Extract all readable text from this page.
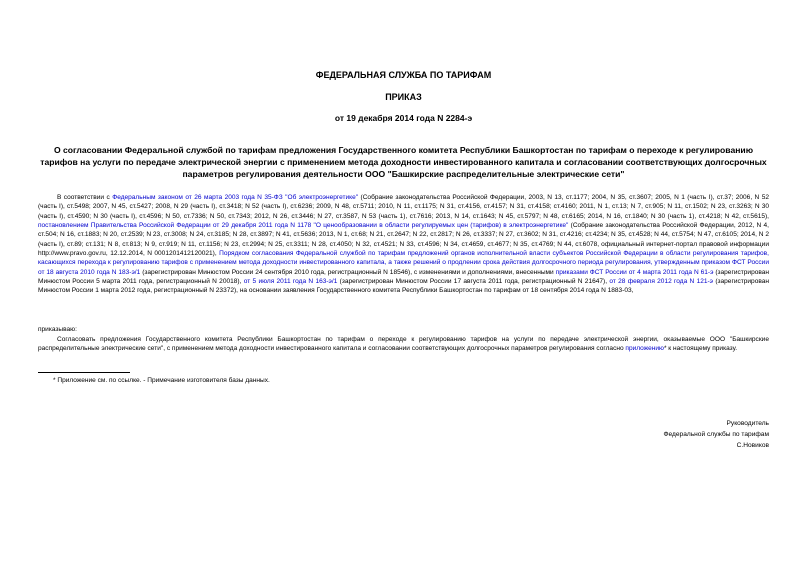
ФЕДЕРАЛЬНАЯ СЛУЖБА ПО ТАРИФАМ
ПРИКАЗ
от 19 декабря 2014 года N 2284-э
О согласовании Федеральной службой по тарифам предложения Государственного комитета Республики Башкортостан по тарифам о переходе к регулированию тарифов на услуги по передаче электрической энергии с применением метода доходности инвестированного капитала и согласовании соответствующих долгосрочных параметров регулирования деятельности ООО "Башкирские распределительные электрические сети"
В соответствии с Федеральным законом от 26 марта 2003 года N 35-ФЗ "Об электроэнергетике" (Собрание законодательства Российской Федерации, 2003, N 13, ст.1177; 2004, N 35, ст.3607; 2005, N 1 (часть I), ст.37; 2006, N 52 (часть I), ст.5498; 2007, N 45, ст.5427; 2008, N 29 (часть I), ст.3418; N 52 (часть I), ст.6236; 2009, N 48, ст.5711; 2010, N 11, ст.1175; N 31, ст.4156, ст.4157; N 31, ст.4158; ст.4160; 2011, N 1, ст.13; N 7, ст.905; N 11, ст.1502; N 23, ст.3263; N 30 (часть I), ст.4590; N 30 (часть I), ст.4596; N 50, ст.7336; N 50, ст.7343; 2012, N 26, ст.3446; N 27, ст.3587, N 53 (часть 1), ст.7616; 2013, N 14, ст.1643; N 45, ст.5797; N 48, ст.6165; 2014, N 16, ст.1840; N 30 (часть 1), ст.4218; N 42, ст.5615), постановлением Правительства Российской Федерации от 29 декабря 2011 года N 1178 "О ценообразовании в области регулируемых цен (тарифов) в электроэнергетике" (Собрание законодательства Российской Федерации, 2012, N 4, ст.504; N 16, ст.1883; N 20, ст.2539; N 23, ст.3008; N 24, ст.3185; N 28, ст.3897; N 41, ст.5636; 2013, N 1, ст.68; N 21, ст.2647; N 22, ст.2817; N 26, ст.3337; N 27, ст.3602; N 31, ст.4216; ст.4234; N 35, ст.4528; N 44, ст.5754; N 47, ст.6105; 2014, N 2 (часть I), ст.89; ст.131; N 8, ст.813; N 9, ст.919; N 11, ст.1156; N 23, ст.2994; N 25, ст.3311; N 28, ст.4050; N 32, ст.4521; N 33, ст.4596; N 34, ст.4659, ст.4677; N 35, ст.4769; N 44, ст.6078, официальный интернет-портал правовой информации http://www.pravo.gov.ru, 12.12.2014, N 0001201412120021), Порядком согласования Федеральной службой по тарифам предложений органов исполнительной власти субъектов Российской Федерации в области регулирования тарифов, касающихся перехода к регулированию тарифов с применением метода доходности инвестированного капитала, а также решений о продлении срока действия долгосрочного периода регулирования, утвержденным приказом ФСТ России от 18 августа 2010 года N 183-э/1 (зарегистрирован Минюстом России 24 сентября 2010 года, регистрационный N 18546), с изменениями и дополнениями, внесенными приказами ФСТ России от 4 марта 2011 года N 61-э (зарегистрирован Минюстом России 5 марта 2011 года, регистрационный N 20018), от 5 июля 2011 года N 163-э/1 (зарегистрирован Минюстом России 17 августа 2011 года, регистрационный N 21647), от 28 февраля 2012 года N 121-э (зарегистрирован Минюстом России 1 марта 2012 года, регистрационный N 23372), на основании заявления Государственного комитета Республики Башкортостан по тарифам от 18 сентября 2014 года N 1883-03,
приказываю:
Согласовать предложения Государственного комитета Республики Башкортостан по тарифам о переходе к регулированию тарифов на услуги по передаче электрической энергии, оказываемые ООО "Башкирские распределительные электрические сети", с применением метода доходности инвестированного капитала и согласовании соответствующих долгосрочных параметров регулирования согласно приложению* к настоящему приказу.
* Приложение см. по ссылке. - Примечание изготовителя базы данных.
Руководитель
Федеральной службы по тарифам
С.Новиков
